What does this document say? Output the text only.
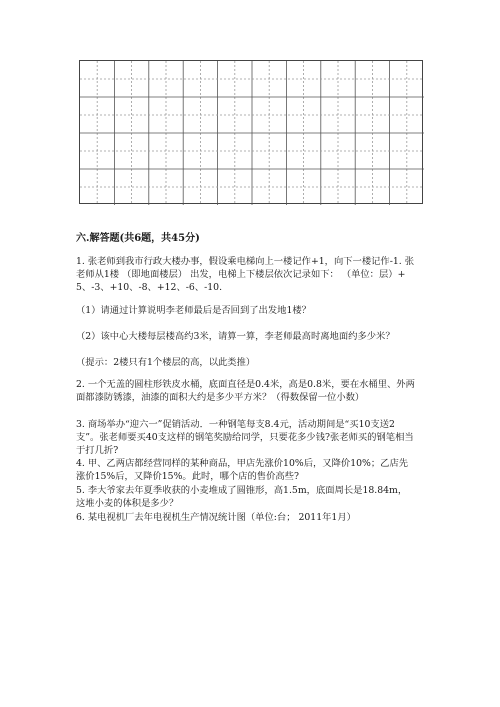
六.解答题(共6题，共45分)
1. 张老师到我市行政大楼办事，假设乘电梯向上一楼记作+1，向下一楼记作-1. 张老师从1楼 （即地面楼层） 出发，电梯上下楼层依次记录如下： （单位：层）+5、-3、+10、-8、+12、-6、-10.
（1）请通过计算说明李老师最后是否回到了出发地1楼？
（2）该中心大楼每层楼高约3米，请算一算，李老师最高时离地面约多少米？
（提示：2楼只有1个楼层的高，以此类推）
2. 一个无盖的圆柱形铁皮水桶，底面直径是0.4米，高是0.8米，要在水桶里、外两面都漆防锈漆，油漆的面积大约是多少平方米？（得数保留一位小数）
3. 商场举办“迎六一”促销活动．一种钢笔每支8.4元，活动期间是“买10支送2支”。张老师要买40支这样的钢笔奖励给同学，只要花多少钱?张老师买的钢笔相当于打几折?
4. 甲、乙两店都经营同样的某种商品，甲店先涨价10%后，又降价10%；乙店先涨价15%后，又降价15%。此时，哪个店的售价高些?
5. 李大爷家去年夏季收获的小麦堆成了圆锥形，高1.5m，底面周长是18.84m，这堆小麦的体积是多少？
6. 某电视机厂去年电视机生产情况统计图（单位:台； 2011年1月）
